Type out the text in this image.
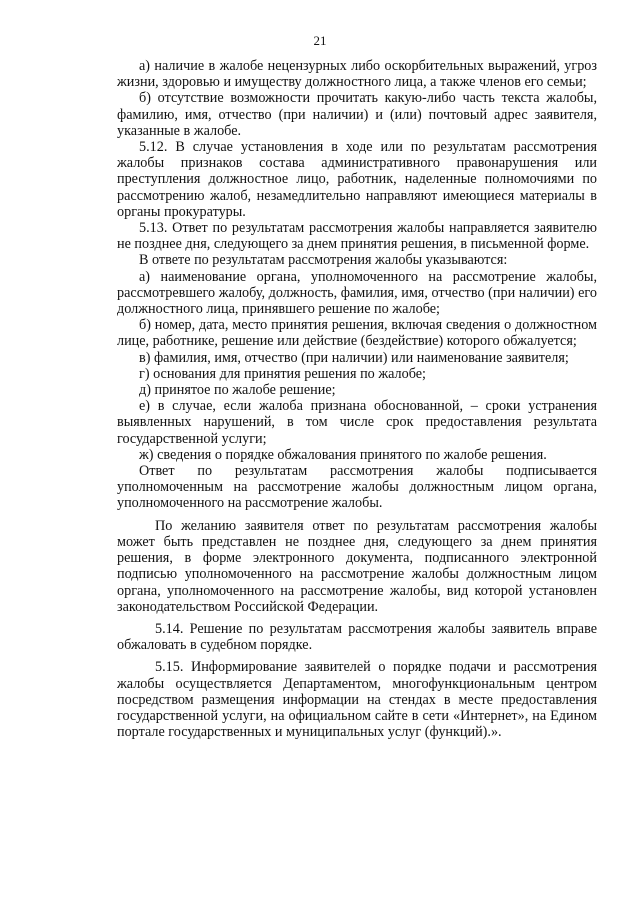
21

а) наличие в жалобе нецензурных либо оскорбительных выражений, угроз жизни, здоровью и имуществу должностного лица, а также членов его семьи;

б) отсутствие возможности прочитать какую-либо часть текста жалобы, фамилию, имя, отчество (при наличии) и (или) почтовый адрес заявителя, указанные в жалобе.

5.12. В случае установления в ходе или по результатам рассмотрения жалобы признаков состава административного правонарушения или преступления должностное лицо, работник, наделенные полномочиями по рассмотрению жалоб, незамедлительно направляют имеющиеся материалы в органы прокуратуры.

5.13. Ответ по результатам рассмотрения жалобы направляется заявителю не позднее дня, следующего за днем принятия решения, в письменной форме.

В ответе по результатам рассмотрения жалобы указываются:

а) наименование органа, уполномоченного на рассмотрение жалобы, рассмотревшего жалобу, должность, фамилия, имя, отчество (при наличии) его должностного лица, принявшего решение по жалобе;

б) номер, дата, место принятия решения, включая сведения о должностном лице, работнике, решение или действие (бездействие) которого обжалуется;

в) фамилия, имя, отчество (при наличии) или наименование заявителя;

г) основания для принятия решения по жалобе;

д) принятое по жалобе решение;

е) в случае, если жалоба признана обоснованной, – сроки устранения выявленных нарушений, в том числе срок предоставления результата государственной услуги;

ж) сведения о порядке обжалования принятого по жалобе решения.

Ответ по результатам рассмотрения жалобы подписывается уполномоченным на рассмотрение жалобы должностным лицом органа, уполномоченного на рассмотрение жалобы.

По желанию заявителя ответ по результатам рассмотрения жалобы может быть представлен не позднее дня, следующего за днем принятия решения, в форме электронного документа, подписанного электронной подписью уполномоченного на рассмотрение жалобы должностным лицом органа, уполномоченного на рассмотрение жалобы, вид которой установлен законодательством Российской Федерации.

5.14. Решение по результатам рассмотрения жалобы заявитель вправе обжаловать в судебном порядке.

5.15. Информирование заявителей о порядке подачи и рассмотрения жалобы осуществляется Департаментом, многофункциональным центром посредством размещения информации на стендах в месте предоставления государственной услуги, на официальном сайте в сети «Интернет», на Едином портале государственных и муниципальных услуг (функций).».
